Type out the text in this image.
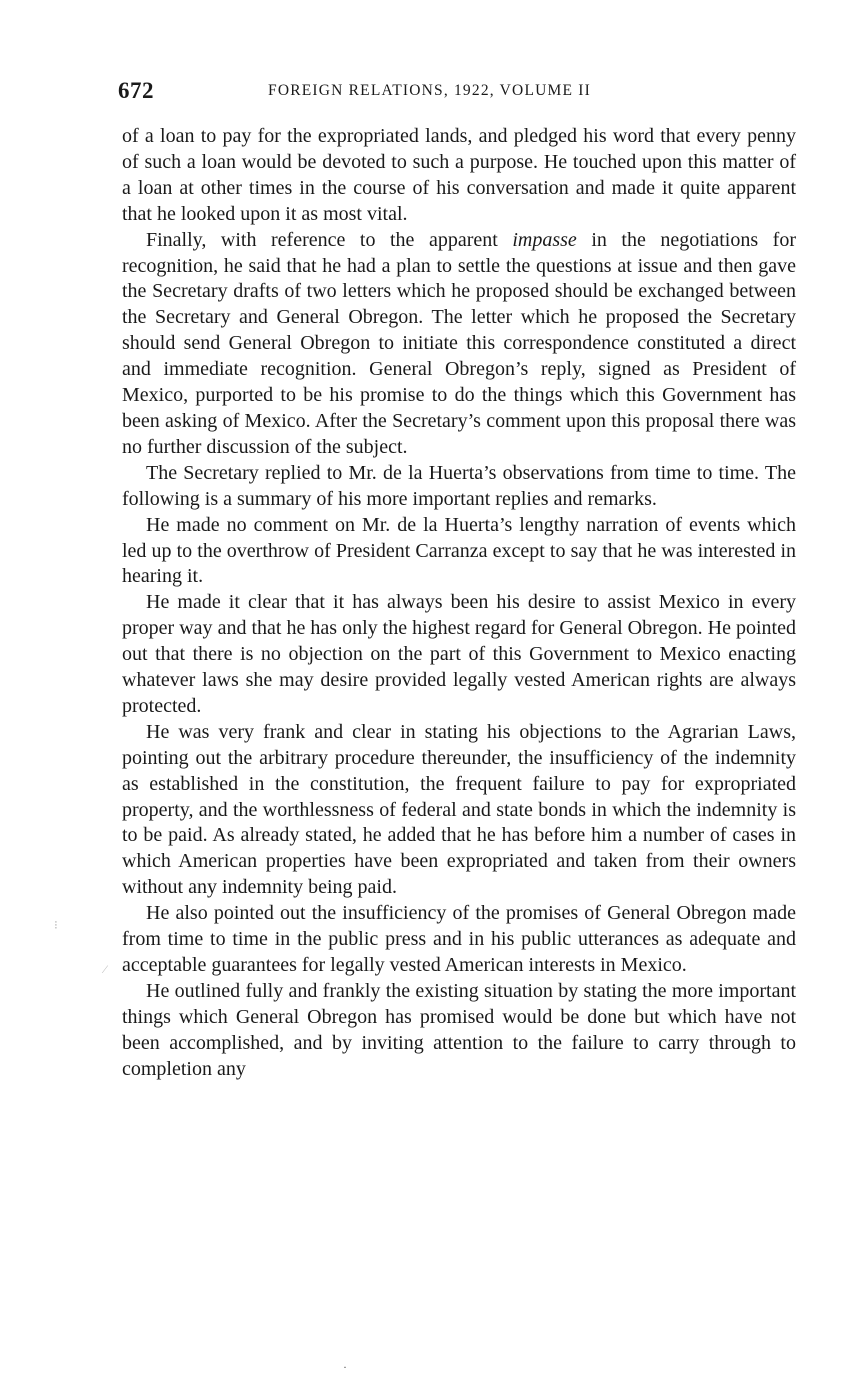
672	FOREIGN RELATIONS, 1922, VOLUME II

of a loan to pay for the expropriated lands, and pledged his word that every penny of such a loan would be devoted to such a purpose. He touched upon this matter of a loan at other times in the course of his conversation and made it quite apparent that he looked upon it as most vital.

Finally, with reference to the apparent impasse in the negotiations for recognition, he said that he had a plan to settle the questions at issue and then gave the Secretary drafts of two letters which he proposed should be exchanged between the Secretary and General Obregon. The letter which he proposed the Secretary should send General Obregon to initiate this correspondence constituted a direct and immediate recognition. General Obregon’s reply, signed as President of Mexico, purported to be his promise to do the things which this Government has been asking of Mexico. After the Secretary’s comment upon this proposal there was no further discussion of the subject.

The Secretary replied to Mr. de la Huerta’s observations from time to time. The following is a summary of his more important replies and remarks.

He made no comment on Mr. de la Huerta’s lengthy narration of events which led up to the overthrow of President Carranza except to say that he was interested in hearing it.

He made it clear that it has always been his desire to assist Mexico in every proper way and that he has only the highest regard for General Obregon. He pointed out that there is no objection on the part of this Government to Mexico enacting whatever laws she may desire provided legally vested American rights are always protected.

He was very frank and clear in stating his objections to the Agrarian Laws, pointing out the arbitrary procedure thereunder, the insufficiency of the indemnity as established in the constitution, the frequent failure to pay for expropriated property, and the worthlessness of federal and state bonds in which the indemnity is to be paid. As already stated, he added that he has before him a number of cases in which American properties have been expropriated and taken from their owners without any indemnity being paid.

He also pointed out the insufficiency of the promises of General Obregon made from time to time in the public press and in his public utterances as adequate and acceptable guarantees for legally vested American interests in Mexico.

He outlined fully and frankly the existing situation by stating the more important things which General Obregon has promised would be done but which have not been accomplished, and by inviting attention to the failure to carry through to completion any

⁝
⁄
·
